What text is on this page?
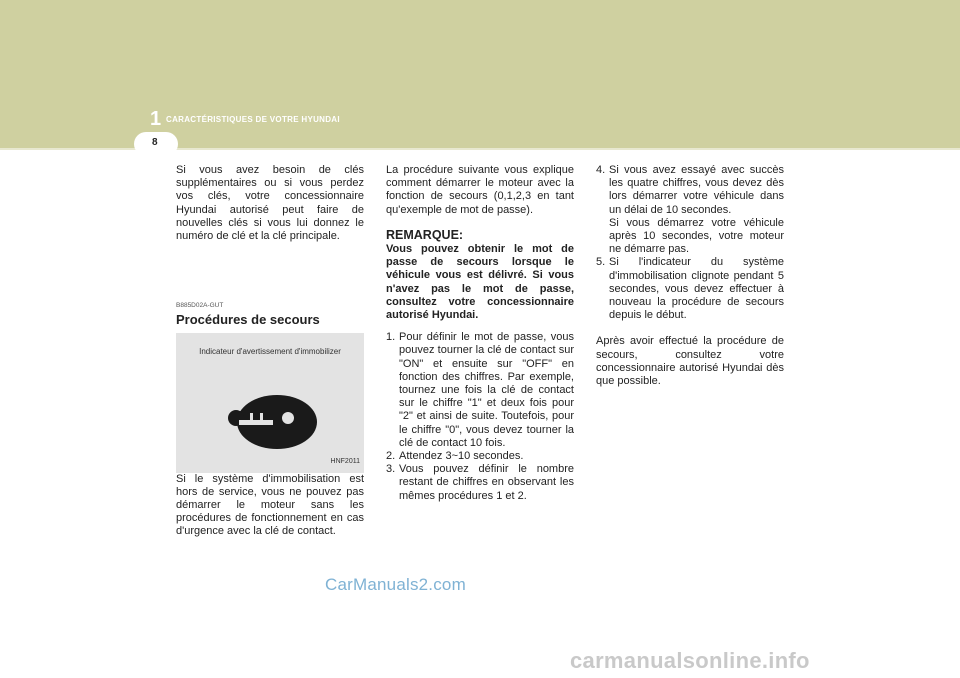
1 CARACTÉRISTIQUES DE VOTRE HYUNDAI
8

Si vous avez besoin de clés supplémentaires ou si vous perdez vos clés, votre concessionnaire Hyundai autorisé peut faire de nouvelles clés si vous lui donnez le numéro de clé et la clé principale.

B885D02A-GUT
Procédures de secours
Indicateur d'avertissement d'immobilizer
HNF2011

Si le système d'immobilisation est hors de service, vous ne pouvez pas démarrer le moteur sans les procédures de fonctionnement en cas d'urgence avec la clé de contact.

La procédure suivante vous explique comment démarrer le moteur avec la fonction de secours (0,1,2,3 en tant qu'exemple de mot de passe).

REMARQUE:

Vous pouvez obtenir le mot de passe de secours lorsque le véhicule vous est délivré. Si vous n'avez pas le mot de passe, consultez votre concessionnaire autorisé Hyundai.

1. Pour définir le mot de passe, vous pouvez tourner la clé de contact sur "ON" et ensuite sur "OFF" en fonction des chiffres. Par exemple, tournez une fois la clé de contact sur le chiffre "1" et deux fois pour "2" et ainsi de suite. Toutefois, pour le chiffre "0", vous devez tourner la clé de contact 10 fois.
2. Attendez 3~10 secondes.
3. Vous pouvez définir le nombre restant de chiffres en observant les mêmes procédures 1 et 2.
4. Si vous avez essayé avec succès les quatre chiffres, vous devez dès lors démarrer votre véhicule dans un délai de 10 secondes.
Si vous démarrez votre véhicule après 10 secondes, votre moteur ne démarre pas.
5. Si l'indicateur du système d'immobilisation clignote pendant 5 secondes, vous devez effectuer à nouveau la procédure de secours depuis le début.

Après avoir effectué la procédure de secours, consultez votre concessionnaire autorisé Hyundai dès que possible.

CarManuals2.com
carmanualsonline.info
